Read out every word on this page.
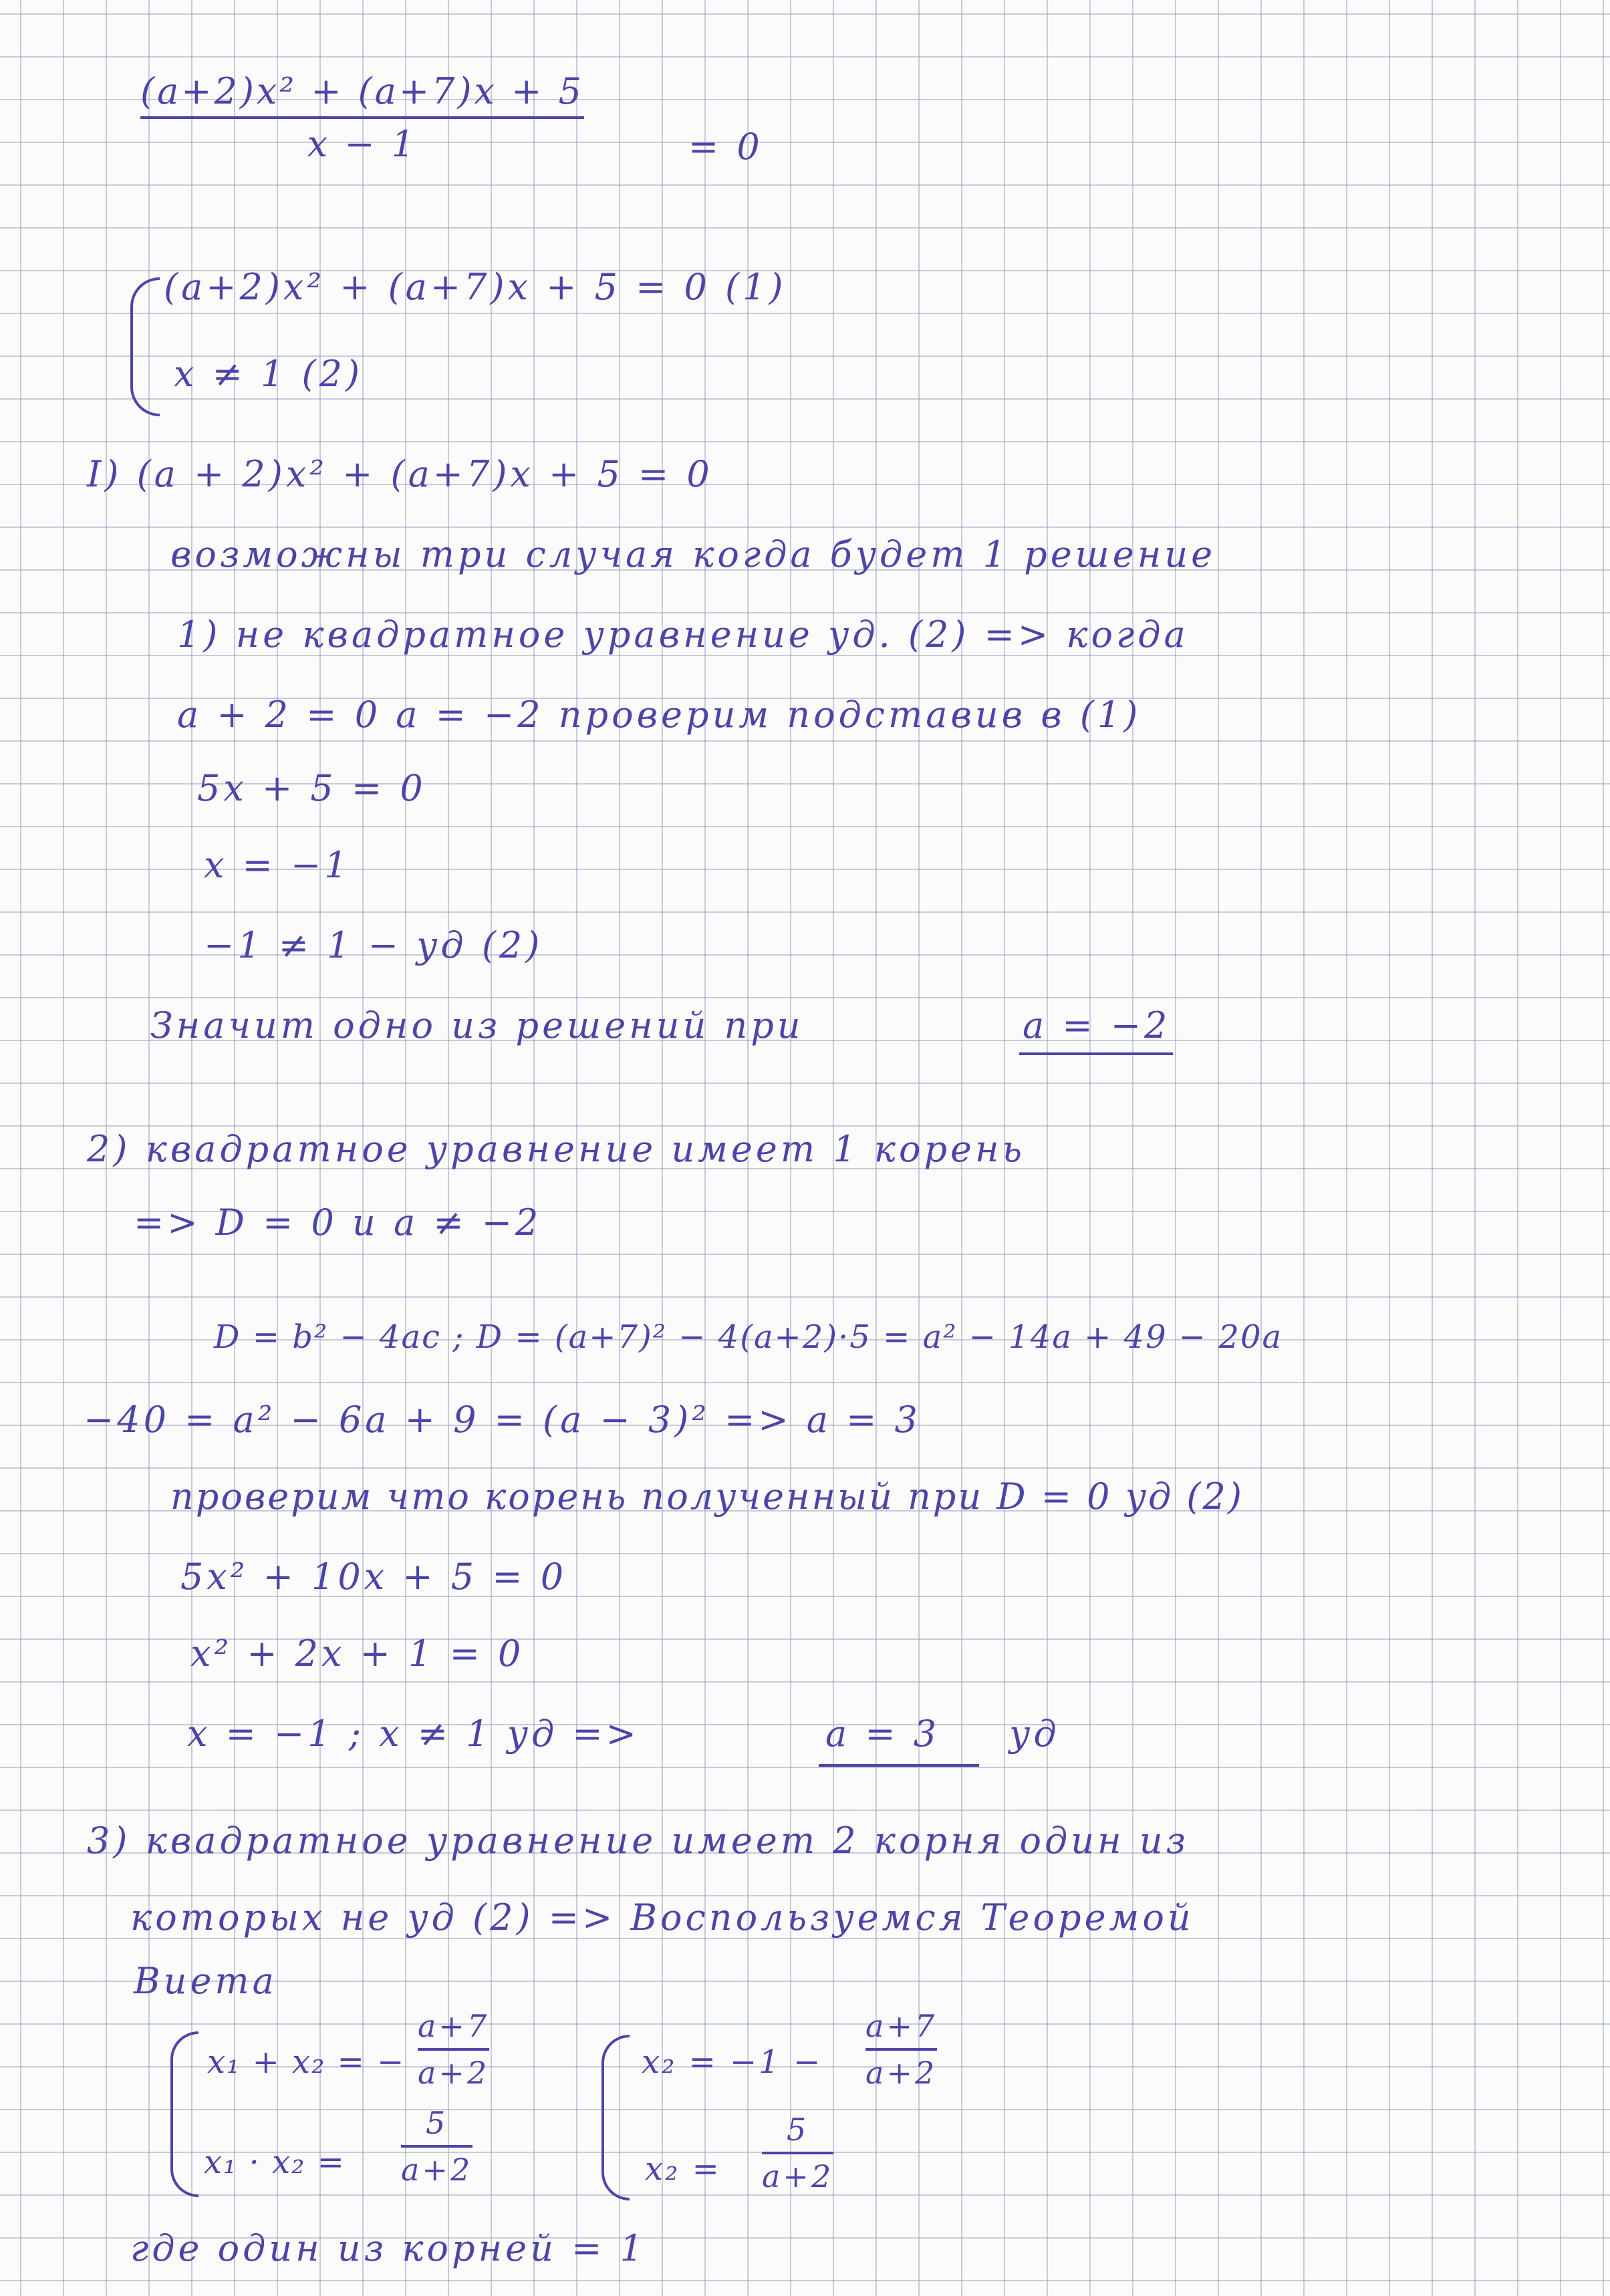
(a+2)x² + (a+7)x + 5
x − 1	= 0
(a+2)x² + (a+7)x + 5 = 0 (1)
x ≠ 1 (2)
I) (a + 2)x² + (a+7)x + 5 = 0
возможны три случая когда будет 1 решение
1) не квадратное уравнение уд. (2) => когда
a + 2 = 0 a = −2 проверим подставив в (1)
5x + 5 = 0
x = −1
−1 ≠ 1 − уд (2)
Значит одно из решений при	a = −2
2) квадратное уравнение имеет 1 корень
=> D = 0 и a ≠ −2
D = b² − 4ac ; D = (a+7)² − 4(a+2)·5 = a² − 14a + 49 − 20a
−40 = a² − 6a + 9 = (a − 3)² => a = 3
проверим что корень полученный при D = 0 уд (2)
5x² + 10x + 5 = 0
x² + 2x + 1 = 0
x = −1 ; x ≠ 1 уд =>	a = 3 уд
3) квадратное уравнение имеет 2 корня один из
которых не уд (2) => Воспользуемся Теоремой
Виета
x₁ + x₂ = −
a+7
a+2
x₁ · x₂ =
5
a+2
x₂ = −1 −
a+7
a+2
x₂ =
5
a+2
где один из корней = 1
